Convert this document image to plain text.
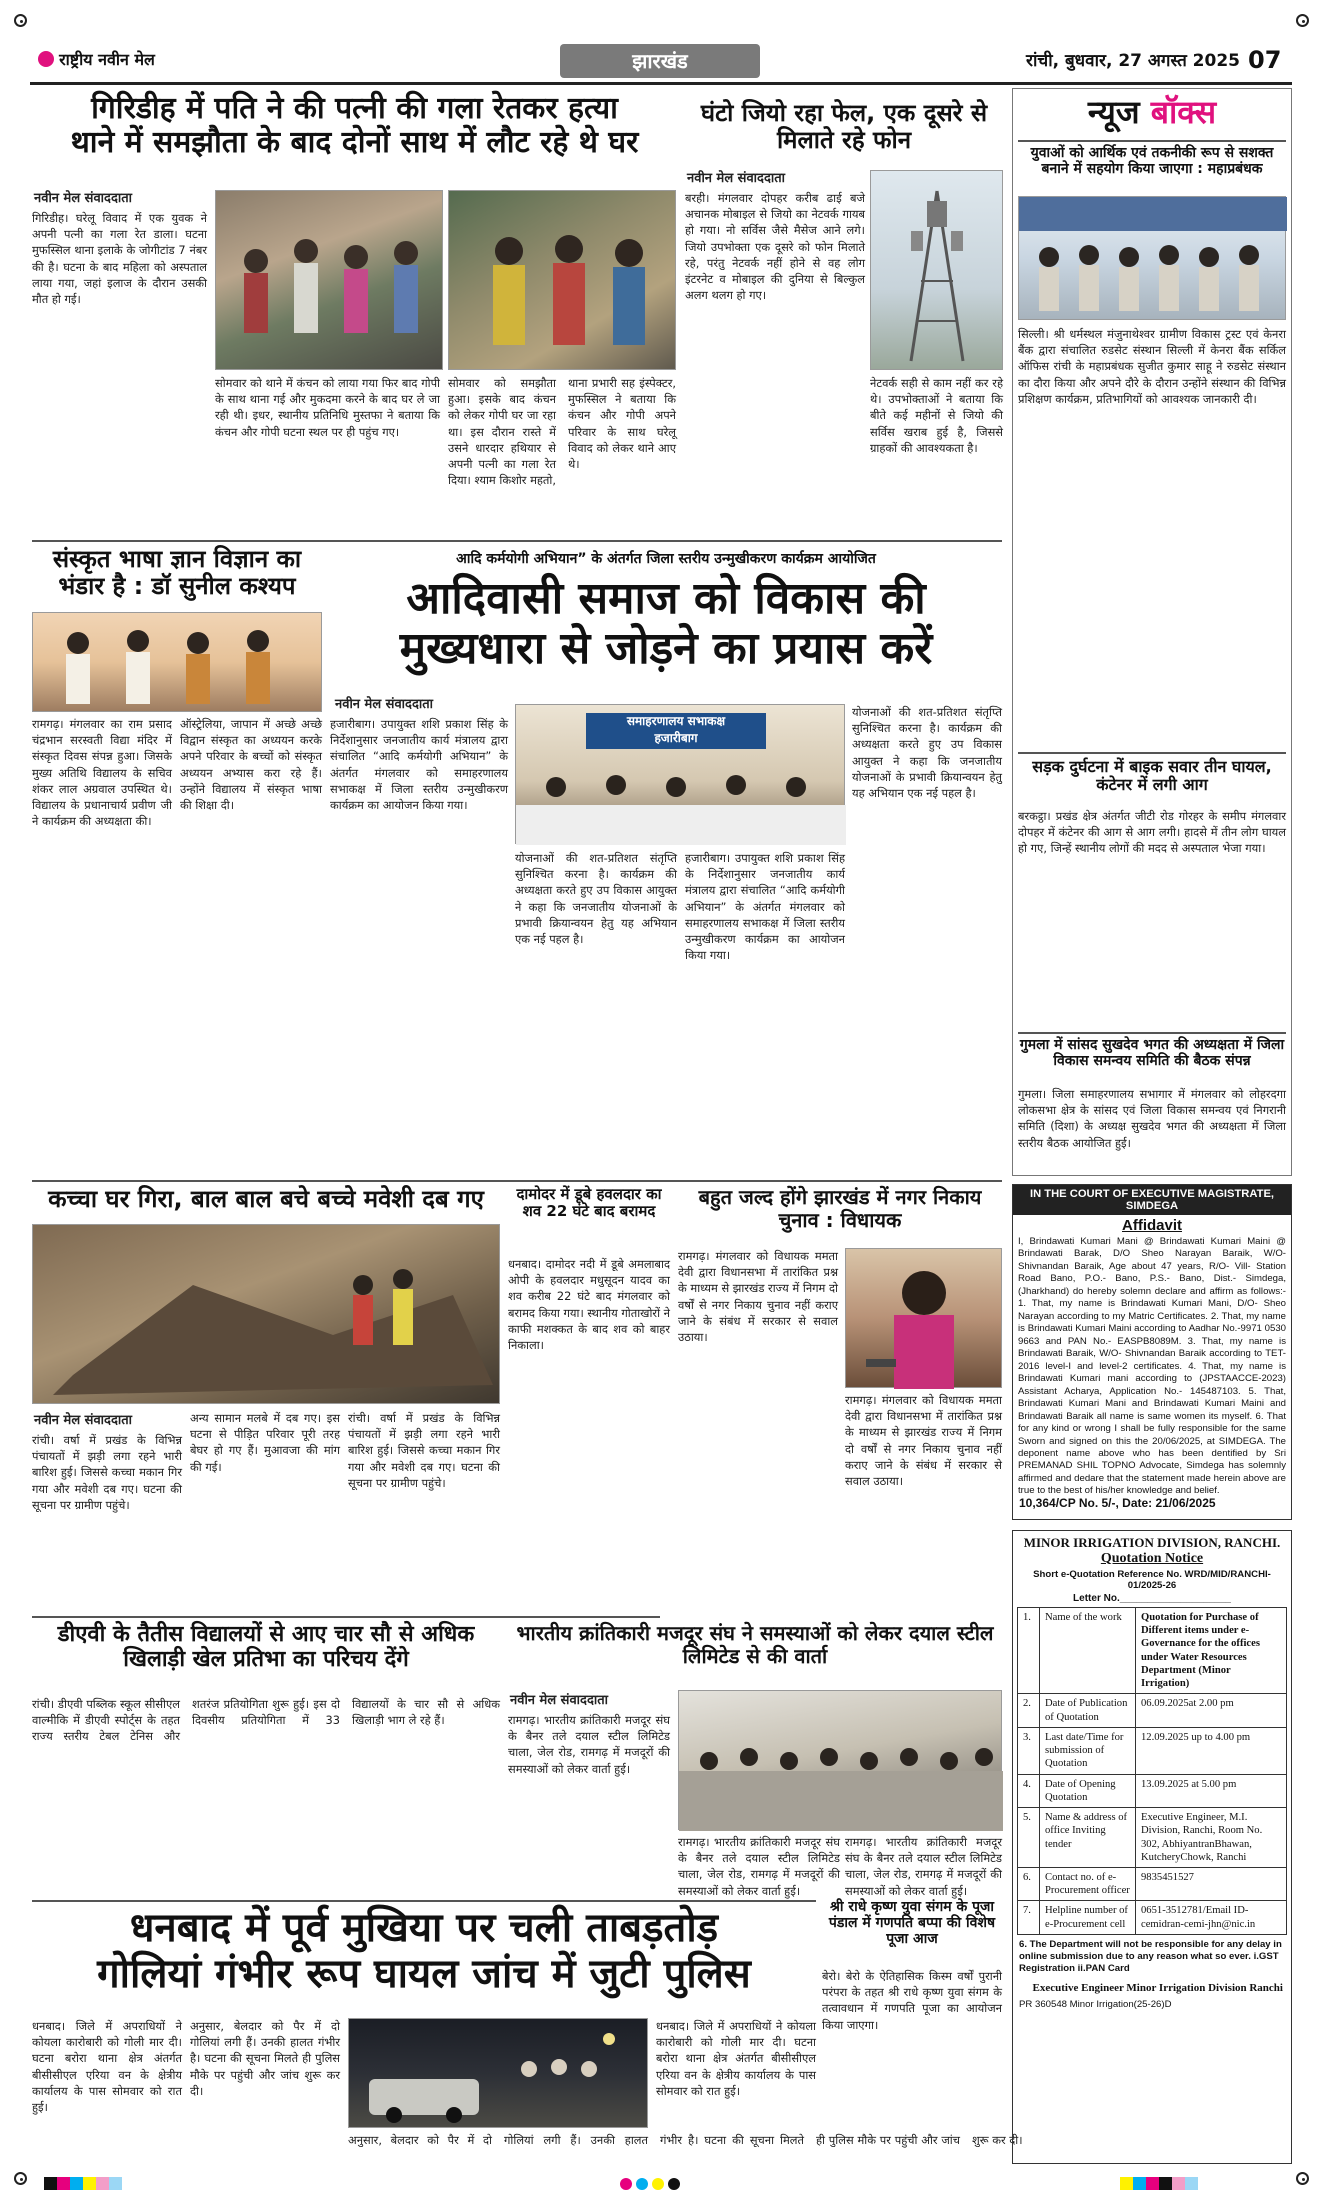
राष्ट्रीय नवीन मेल	झारखंड	रांची, बुधवार, 27 अगस्त 2025 07
गिरिडीह में पति ने की पत्नी की गला रेतकर हत्या
थाने में समझौता के बाद दोनों साथ में लौट रहे थे घर
नवीन मेल संवाददाता
गिरिडीह। घरेलू विवाद में एक युवक ने अपनी पत्नी का गला रेत डाला। घटना मुफस्सिल थाना इलाके के जोगीटांड 7 नंबर की है। घटना के बाद महिला को अस्पताल लाया गया, जहां इलाज के दौरान उसकी मौत हो गई।
सोमवार को थाने में कंचन को लाया गया फिर बाद गोपी के साथ थाना गई और मुकदमा करने के बाद घर ले जा रही थी। इधर, स्थानीय प्रतिनिधि मुस्तफा ने बताया कि कंचन और गोपी घटना स्थल पर ही पहुंच गए।
सोमवार को समझौता हुआ। इसके बाद कंचन को लेकर गोपी घर जा रहा था। इस दौरान रास्ते में उसने धारदार हथियार से अपनी पत्नी का गला रेत दिया। श्याम किशोर महतो, थाना प्रभारी सह इंस्पेक्टर, मुफस्सिल ने बताया कि कंचन और गोपी अपने परिवार के साथ घरेलू विवाद को लेकर थाने आए थे।
घंटो जियो रहा फेल, एक दूसरे से मिलाते रहे फोन
नवीन मेल संवाददाता
बरही। मंगलवार दोपहर करीब ढाई बजे अचानक मोबाइल से जियो का नेटवर्क गायब हो गया। नो सर्विस जैसे मैसेज आने लगे। जियो उपभोक्ता एक दूसरे को फोन मिलाते रहे, परंतु नेटवर्क नहीं होने से वह लोग इंटरनेट व मोबाइल की दुनिया से बिल्कुल अलग थलग हो गए।
नेटवर्क सही से काम नहीं कर रहे थे। उपभोक्ताओं ने बताया कि बीते कई महीनों से जियो की सर्विस खराब हुई है, जिससे ग्राहकों की आवश्यकता है।
न्यूज बॉक्स
युवाओं को आर्थिक एवं तकनीकी रूप से सशक्त बनाने में सहयोग किया जाएगा : महाप्रबंधक
सिल्ली। श्री धर्मस्थल मंजुनाथेश्वर ग्रामीण विकास ट्रस्ट एवं केनरा बैंक द्वारा संचालित रुडसेट संस्थान सिल्ली में केनरा बैंक सर्किल ऑफिस रांची के महाप्रबंधक सुजीत कुमार साहू ने रुडसेट संस्थान का दौरा किया और अपने दौरे के दौरान उन्होंने संस्थान की विभिन्न प्रशिक्षण कार्यक्रम, प्रतिभागियों को आवश्यक जानकारी दी।
सड़क दुर्घटना में बाइक सवार तीन घायल, कंटेनर में लगी आग
बरकट्ठा। प्रखंड क्षेत्र अंतर्गत जीटी रोड गोरहर के समीप मंगलवार दोपहर में कंटेनर की आग से आग लगी। हादसे में तीन लोग घायल हो गए, जिन्हें स्थानीय लोगों की मदद से अस्पताल भेजा गया।
गुमला में सांसद सुखदेव भगत की अध्यक्षता में जिला विकास समन्वय समिति की बैठक संपन्न
गुमला। जिला समाहरणालय सभागार में मंगलवार को लोहरदगा लोकसभा क्षेत्र के सांसद एवं जिला विकास समन्वय एवं निगरानी समिति (दिशा) के अध्यक्ष सुखदेव भगत की अध्यक्षता में जिला स्तरीय बैठक आयोजित हुई।
संस्कृत भाषा ज्ञान विज्ञान का भंडार है : डॉ सुनील कश्यप
रामगढ़। मंगलवार का राम प्रसाद चंद्रभान सरस्वती विद्या मंदिर में संस्कृत दिवस संपन्न हुआ। जिसके मुख्य अतिथि विद्यालय के सचिव शंकर लाल अग्रवाल उपस्थित थे। विद्यालय के प्रधानाचार्य प्रवीण जी ने कार्यक्रम की अध्यक्षता की।
ऑस्ट्रेलिया, जापान में अच्छे अच्छे विद्वान संस्कृत का अध्ययन करके अपने परिवार के बच्चों को संस्कृत अध्ययन अभ्यास करा रहे हैं। उन्होंने विद्यालय में संस्कृत भाषा की शिक्षा दी।
आदि कर्मयोगी अभियान” के अंतर्गत जिला स्तरीय उन्मुखीकरण कार्यक्रम आयोजित
आदिवासी समाज को विकास की
मुख्यधारा से जोड़ने का प्रयास करें
नवीन मेल संवाददाता
हजारीबाग। उपायुक्त शशि प्रकाश सिंह के निर्देशानुसार जनजातीय कार्य मंत्रालय द्वारा संचालित “आदि कर्मयोगी अभियान” के अंतर्गत मंगलवार को समाहरणालय सभाकक्ष में जिला स्तरीय उन्मुखीकरण कार्यक्रम का आयोजन किया गया।
समाहरणालय सभाकक्ष
हजारीबाग
योजनाओं की शत-प्रतिशत संतृप्ति सुनिश्चित करना है। कार्यक्रम की अध्यक्षता करते हुए उप विकास आयुक्त ने कहा कि जनजातीय योजनाओं के प्रभावी क्रियान्वयन हेतु यह अभियान एक नई पहल है।
हजारीबाग। उपायुक्त शशि प्रकाश सिंह के निर्देशानुसार जनजातीय कार्य मंत्रालय द्वारा संचालित “आदि कर्मयोगी अभियान” के अंतर्गत मंगलवार को समाहरणालय सभाकक्ष में जिला स्तरीय उन्मुखीकरण कार्यक्रम का आयोजन किया गया।
योजनाओं की शत-प्रतिशत संतृप्ति सुनिश्चित करना है। कार्यक्रम की अध्यक्षता करते हुए उप विकास आयुक्त ने कहा कि जनजातीय योजनाओं के प्रभावी क्रियान्वयन हेतु यह अभियान एक नई पहल है।
कच्चा घर गिरा, बाल बाल बचे बच्चे मवेशी दब गए
नवीन मेल संवाददाता
रांची। वर्षा में प्रखंड के विभिन्न पंचायतों में झड़ी लगा रहने भारी बारिश हुई। जिससे कच्चा मकान गिर गया और मवेशी दब गए। घटना की सूचना पर ग्रामीण पहुंचे।
अन्य सामान मलबे में दब गए। इस घटना से पीड़ित परिवार पूरी तरह बेघर हो गए हैं। मुआवजा की मांग की गई।
रांची। वर्षा में प्रखंड के विभिन्न पंचायतों में झड़ी लगा रहने भारी बारिश हुई। जिससे कच्चा मकान गिर गया और मवेशी दब गए। घटना की सूचना पर ग्रामीण पहुंचे।
दामोदर में डूबे हवलदार का शव 22 घंटे बाद बरामद
धनबाद। दामोदर नदी में डूबे अमलाबाद ओपी के हवलदार मधुसूदन यादव का शव करीब 22 घंटे बाद मंगलवार को बरामद किया गया। स्थानीय गोताखोरों ने काफी मशक्कत के बाद शव को बाहर निकाला।
बहुत जल्द होंगे झारखंड में नगर निकाय चुनाव : विधायक
रामगढ़। मंगलवार को विधायक ममता देवी द्वारा विधानसभा में तारांकित प्रश्न के माध्यम से झारखंड राज्य में निगम दो वर्षों से नगर निकाय चुनाव नहीं कराए जाने के संबंध में सरकार से सवाल उठाया।
रामगढ़। मंगलवार को विधायक ममता देवी द्वारा विधानसभा में तारांकित प्रश्न के माध्यम से झारखंड राज्य में निगम दो वर्षों से नगर निकाय चुनाव नहीं कराए जाने के संबंध में सरकार से सवाल उठाया।
IN THE COURT OF EXECUTIVE MAGISTRATE, SIMDEGA
Affidavit
I, Brindawati Kumari Mani @ Brindawati Kumari Maini @ Brindawati Barak, D/O Sheo Narayan Baraik, W/O- Shivnandan Baraik, Age about 47 years, R/O- Vill- Station Road Bano, P.O.- Bano, P.S.- Bano, Dist.- Simdega, (Jharkhand) do hereby solemn declare and affirm as follows:- 1. That, my name is Brindawati Kumari Mani, D/O- Sheo Narayan according to my Matric Certificates. 2. That, my name is Brindawati Kumari Maini according to Aadhar No.-9971 0530 9663 and PAN No.- EASPB8089M. 3. That, my name is Brindawati Baraik, W/O- Shivnandan Baraik according to TET-2016 level-I and level-2 certificates. 4. That, my name is Brindawati Kumari mani according to (JPSTAACCE-2023) Assistant Acharya, Application No.- 145487103. 5. That, Brindawati Kumari Mani and Brindawati Kumari Maini and Brindawati Baraik all name is same women its myself. 6. That for any kind or wrong I shall be fully responsible for the same Sworn and signed on this the 20/06/2025, at SIMDEGA. The deponent name above who has been dentified by Sri PREMANAD SHIL TOPNO Advocate, Simdega has solemnly affirmed and dedare that the statement made herein above are true to the best of his/her knowledge and belief.
10,364/CP No. 5/-, Date: 21/06/2025
डीएवी के तैतीस विद्यालयों से आए चार सौ से अधिक खिलाड़ी खेल प्रतिभा का परिचय देंगे
रांची। डीएवी पब्लिक स्कूल सीसीएल वाल्मीकि में डीएवी स्पोर्ट्स के तहत राज्य स्तरीय टेबल टेनिस और शतरंज प्रतियोगिता शुरू हुई। इस दो दिवसीय प्रतियोगिता में 33 विद्यालयों के चार सौ से अधिक खिलाड़ी भाग ले रहे हैं।
भारतीय क्रांतिकारी मजदूर संघ ने समस्याओं को लेकर दयाल स्टील लिमिटेड से की वार्ता
नवीन मेल संवाददाता
रामगढ़। भारतीय क्रांतिकारी मजदूर संघ के बैनर तले दयाल स्टील लिमिटेड चाला, जेल रोड, रामगढ़ में मजदूरों की समस्याओं को लेकर वार्ता हुई।
रामगढ़। भारतीय क्रांतिकारी मजदूर संघ के बैनर तले दयाल स्टील लिमिटेड चाला, जेल रोड, रामगढ़ में मजदूरों की समस्याओं को लेकर वार्ता हुई।
रामगढ़। भारतीय क्रांतिकारी मजदूर संघ के बैनर तले दयाल स्टील लिमिटेड चाला, जेल रोड, रामगढ़ में मजदूरों की समस्याओं को लेकर वार्ता हुई।
श्री राधे कृष्ण युवा संगम के पूजा पंडाल में गणपति बप्पा की विशेष पूजा आज
बेरो। बेरो के ऐतिहासिक किस्म वर्षों पुरानी परंपरा के तहत श्री राधे कृष्ण युवा संगम के तत्वावधान में गणपति पूजा का आयोजन किया जाएगा।
धनबाद में पूर्व मुखिया पर चली ताबड़तोड़
गोलियां गंभीर रूप घायल जांच में जुटी पुलिस
धनबाद। जिले में अपराधियों ने कोयला कारोबारी को गोली मार दी। घटना बरोरा थाना क्षेत्र अंतर्गत बीसीसीएल एरिया वन के क्षेत्रीय कार्यालय के पास सोमवार को रात हुई।
अनुसार, बेलदार को पैर में दो गोलियां लगी हैं। उनकी हालत गंभीर है। घटना की सूचना मिलते ही पुलिस मौके पर पहुंची और जांच शुरू कर दी।
अनुसार, बेलदार को पैर में दो गोलियां लगी हैं। उनकी हालत गंभीर है। घटना की सूचना मिलते ही पुलिस मौके पर पहुंची और जांच शुरू कर दी।
धनबाद। जिले में अपराधियों ने कोयला कारोबारी को गोली मार दी। घटना बरोरा थाना क्षेत्र अंतर्गत बीसीसीएल एरिया वन के क्षेत्रीय कार्यालय के पास सोमवार को रात हुई।
MINOR IRRIGATION DIVISION, RANCHI.
Quotation Notice
Short e-Quotation Reference No. WRD/MID/RANCHI- 01/2025-26
Letter No.____________________
1.	Name of the work	Quotation for Purchase of Different items under e-Governance for the offices under Water Resources Department (Minor Irrigation)
2.	Date of Publication of Quotation	06.09.2025at 2.00 pm
3.	Last date/Time for submission of Quotation	12.09.2025 up to 4.00 pm
4.	Date of Opening Quotation	13.09.2025 at 5.00 pm
5.	Name & address of office Inviting tender	Executive Engineer, M.I. Division, Ranchi, Room No. 302, AbhiyantranBhawan, KutcheryChowk, Ranchi
6.	Contact no. of e-Procurement officer	9835451527
7.	Helpline number of e-Procurement cell	0651-3512781/Email ID-cemidran-cemi-jhn@nic.in
6. The Department will not be responsible for any delay in online submission due to any reason what so ever. i.GST Registration ii.PAN Card
Executive Engineer Minor Irrigation Division Ranchi
PR 360548 Minor Irrigation(25-26)D
